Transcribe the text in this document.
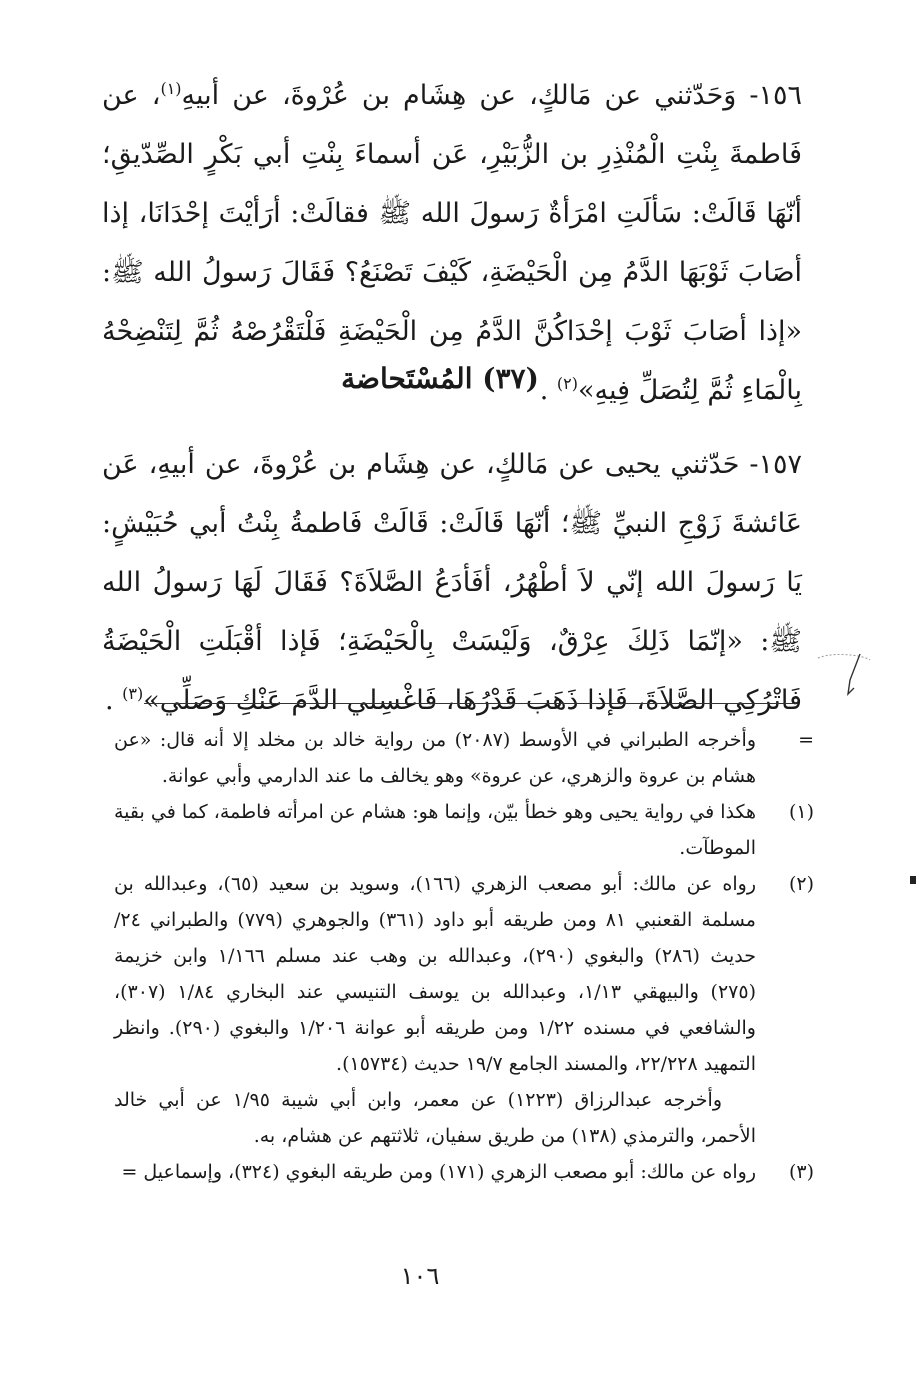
١٥٦- وَحَدّثني عن مَالكٍ، عن هِشَام بن عُرْوةَ، عن أبيهِ$^{(١)}$، عن فَاطمةَ بِنْتِ الْمُنْذِرِ بن الزُّبَيْرِ، عَن أسماءَ بِنْتِ أبي بَكْرٍ الصِّدّيقِ؛ أنّهَا قَالَتْ: سَألَتِ امْرَأةٌ رَسولَ الله ﷺ فقالَتْ: أرَأيْتَ إحْدَانَا، إذا أصَابَ ثَوْبَهَا الدَّمُ مِن الْحَيْضَةِ، كَيْفَ تَصْنَعُ؟ فَقَالَ رَسولُ الله ﷺ: «إذا أصَابَ ثَوْبَ إحْدَاكُنَّ الدَّمُ مِن الْحَيْضَةِ فَلْتَقْرُصْهُ ثُمَّ لِتَنْضِحْهُ بِالْمَاءِ ثُمَّ لِتُصَلِّ فِيهِ»$^{(٢)}$ .

(٣٧) المُسْتَحاضة

١٥٧- حَدّثني يحيى عن مَالكٍ، عن هِشَام بن عُرْوةَ، عن أبيهِ، عَن عَائشةَ زَوْجِ النبيِّ ﷺ؛ أنّهَا قَالَتْ: قَالَتْ فَاطمةُ بِنْتُ أبي حُبَيْشٍ: يَا رَسولَ الله إنّي لاَ أطْهُرُ، أفَأدَعُ الصَّلاَةَ؟ فَقَالَ لَهَا رَسولُ الله ﷺ: «إنّمَا ذَلِكَ عِرْقٌ، وَلَيْسَتْ بِالْحَيْضَةِ؛ فَإذا أقْبَلَتِ الْحَيْضَةُ فَاتْرُكِي الصَّلاَةَ، فَإذا ذَهَبَ قَدْرُهَا، فَاغْسِلي الدَّمَ عَنْكِ وَصَلِّي»$^{(٣)}$ .

=
وأخرجه الطبراني في الأوسط (٢٠٨٧) من رواية خالد بن مخلد إلا أنه قال: «عن هشام بن عروة والزهري، عن عروة» وهو يخالف ما عند الدارمي وأبي عوانة.
(١)
هكذا في رواية يحيى وهو خطأ بيّن، وإنما هو: هشام عن امرأته فاطمة، كما في بقية الموطآت.
(٢)

رواه عن مالك: أبو مصعب الزهري (١٦٦)، وسويد بن سعيد (٦٥)، وعبدالله بن مسلمة القعنبي ٨١ ومن طريقه أبو داود (٣٦١) والجوهري (٧٧٩) والطبراني ٢٤/حديث (٢٨٦) والبغوي (٢٩٠)، وعبدالله بن وهب عند مسلم ١/١٦٦ وابن خزيمة (٢٧٥) والبيهقي ١/١٣، وعبدالله بن يوسف التنيسي عند البخاري ١/٨٤ (٣٠٧)، والشافعي في مسنده ١/٢٢ ومن طريقه أبو عوانة ١/٢٠٦ والبغوي (٢٩٠). وانظر التمهيد ٢٢/٢٢٨، والمسند الجامع ١٩/٧ حديث (١٥٧٣٤).

وأخرجه عبدالرزاق (١٢٢٣) عن معمر، وابن أبي شيبة ١/٩٥ عن أبي خالد الأحمر، والترمذي (١٣٨) من طريق سفيان، ثلاثتهم عن هشام، به.

(٣)
رواه عن مالك: أبو مصعب الزهري (١٧١) ومن طريقه البغوي (٣٢٤)، وإسماعيل =
١٠٦
